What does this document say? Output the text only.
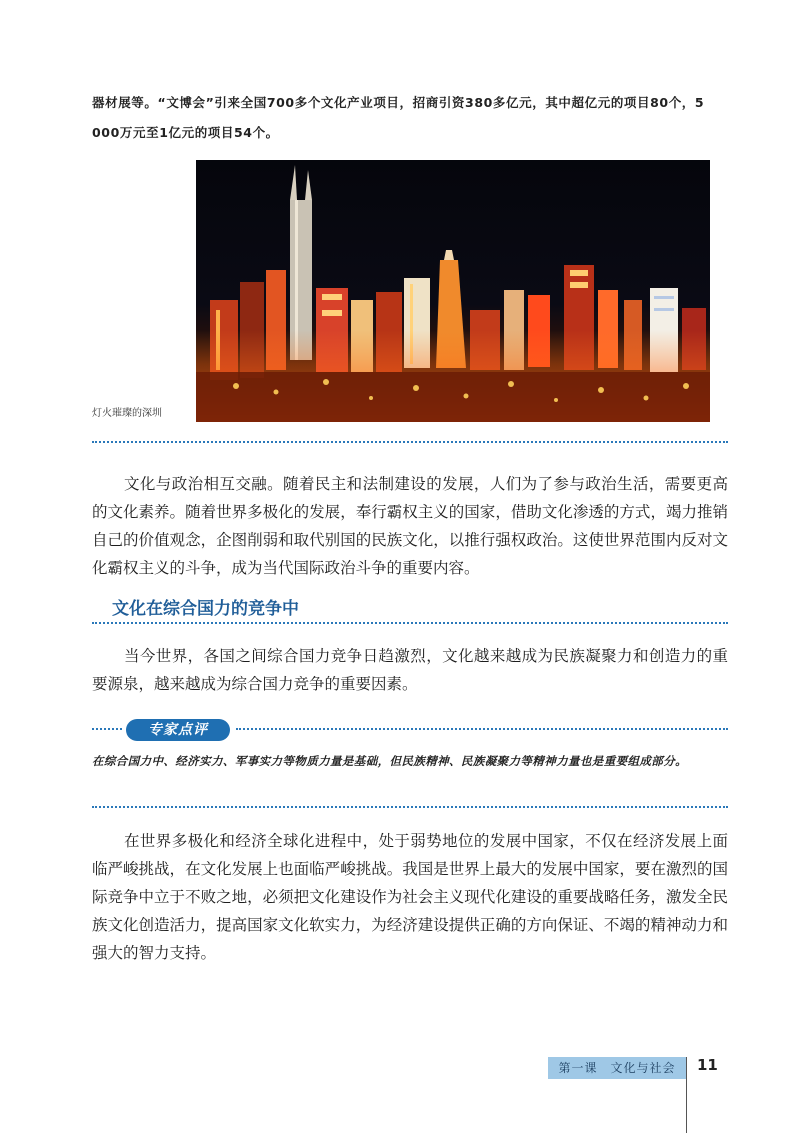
器材展等。“文博会”引来全国700多个文化产业项目，招商引资380多亿元，其中超亿元的项目80个，5 000万元至1亿元的项目54个。

灯火璀璨的深圳

文化与政治相互交融。随着民主和法制建设的发展，人们为了参与政治生活，需要更高的文化素养。随着世界多极化的发展，奉行霸权主义的国家，借助文化渗透的方式，竭力推销自己的价值观念，企图削弱和取代别国的民族文化，以推行强权政治。这使世界范围内反对文化霸权主义的斗争，成为当代国际政治斗争的重要内容。

文化在综合国力的竞争中

当今世界，各国之间综合国力竞争日趋激烈，文化越来越成为民族凝聚力和创造力的重要源泉，越来越成为综合国力竞争的重要因素。

专家点评

在综合国力中、经济实力、军事实力等物质力量是基础，但民族精神、民族凝聚力等精神力量也是重要组成部分。

在世界多极化和经济全球化进程中，处于弱势地位的发展中国家，不仅在经济发展上面临严峻挑战，在文化发展上也面临严峻挑战。我国是世界上最大的发展中国家，要在激烈的国际竞争中立于不败之地，必须把文化建设作为社会主义现代化建设的重要战略任务，激发全民族文化创造活力，提高国家文化软实力，为经济建设提供正确的方向保证、不竭的精神动力和强大的智力支持。

第一课　文化与社会	11
